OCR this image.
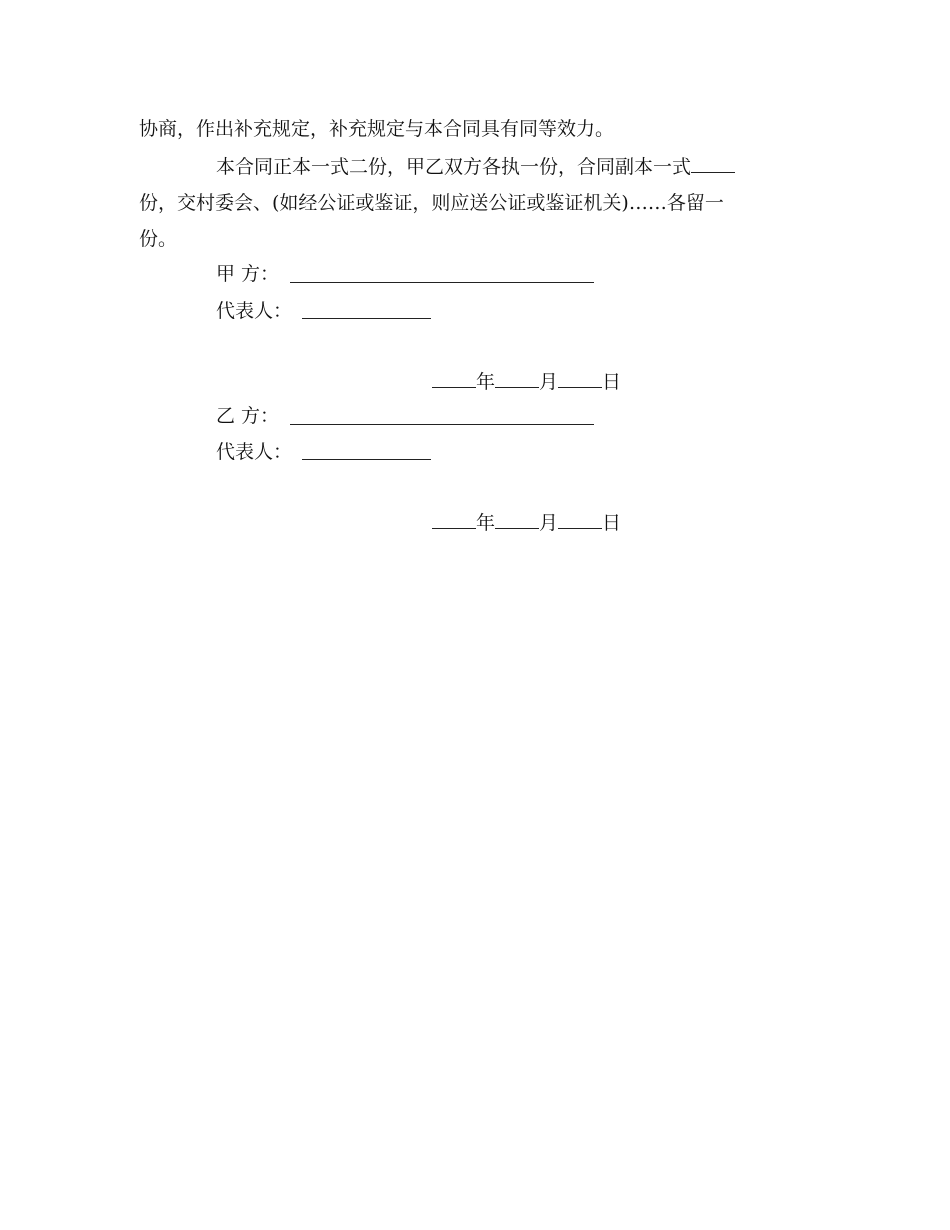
协商，作出补充规定，补充规定与本合同具有同等效力。
本合同正本一式二份，甲乙双方各执一份，合同副本一式
份，交村委会、(如经公证或鉴证，则应送公证或鉴证机关)……各留一
份。
甲 方：
代表人：
年 月 日
乙 方：
代表人：
年 月 日
